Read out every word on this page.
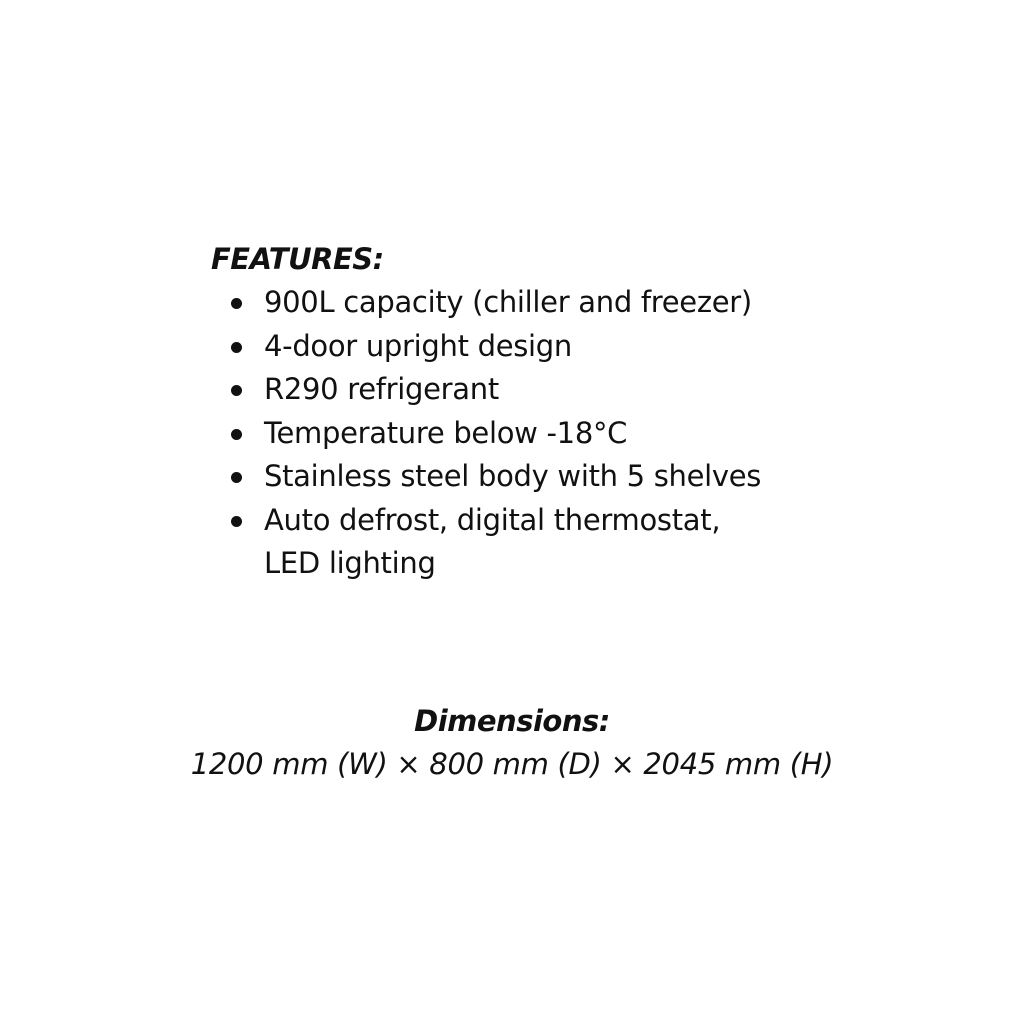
FEATURES:
900L capacity (chiller and freezer)
4-door upright design
R290 refrigerant
Temperature below -18°C
Stainless steel body with 5 shelves
Auto defrost, digital thermostat, LED lighting
Dimensions:

1200 mm (W) × 800 mm (D) × 2045 mm (H)
